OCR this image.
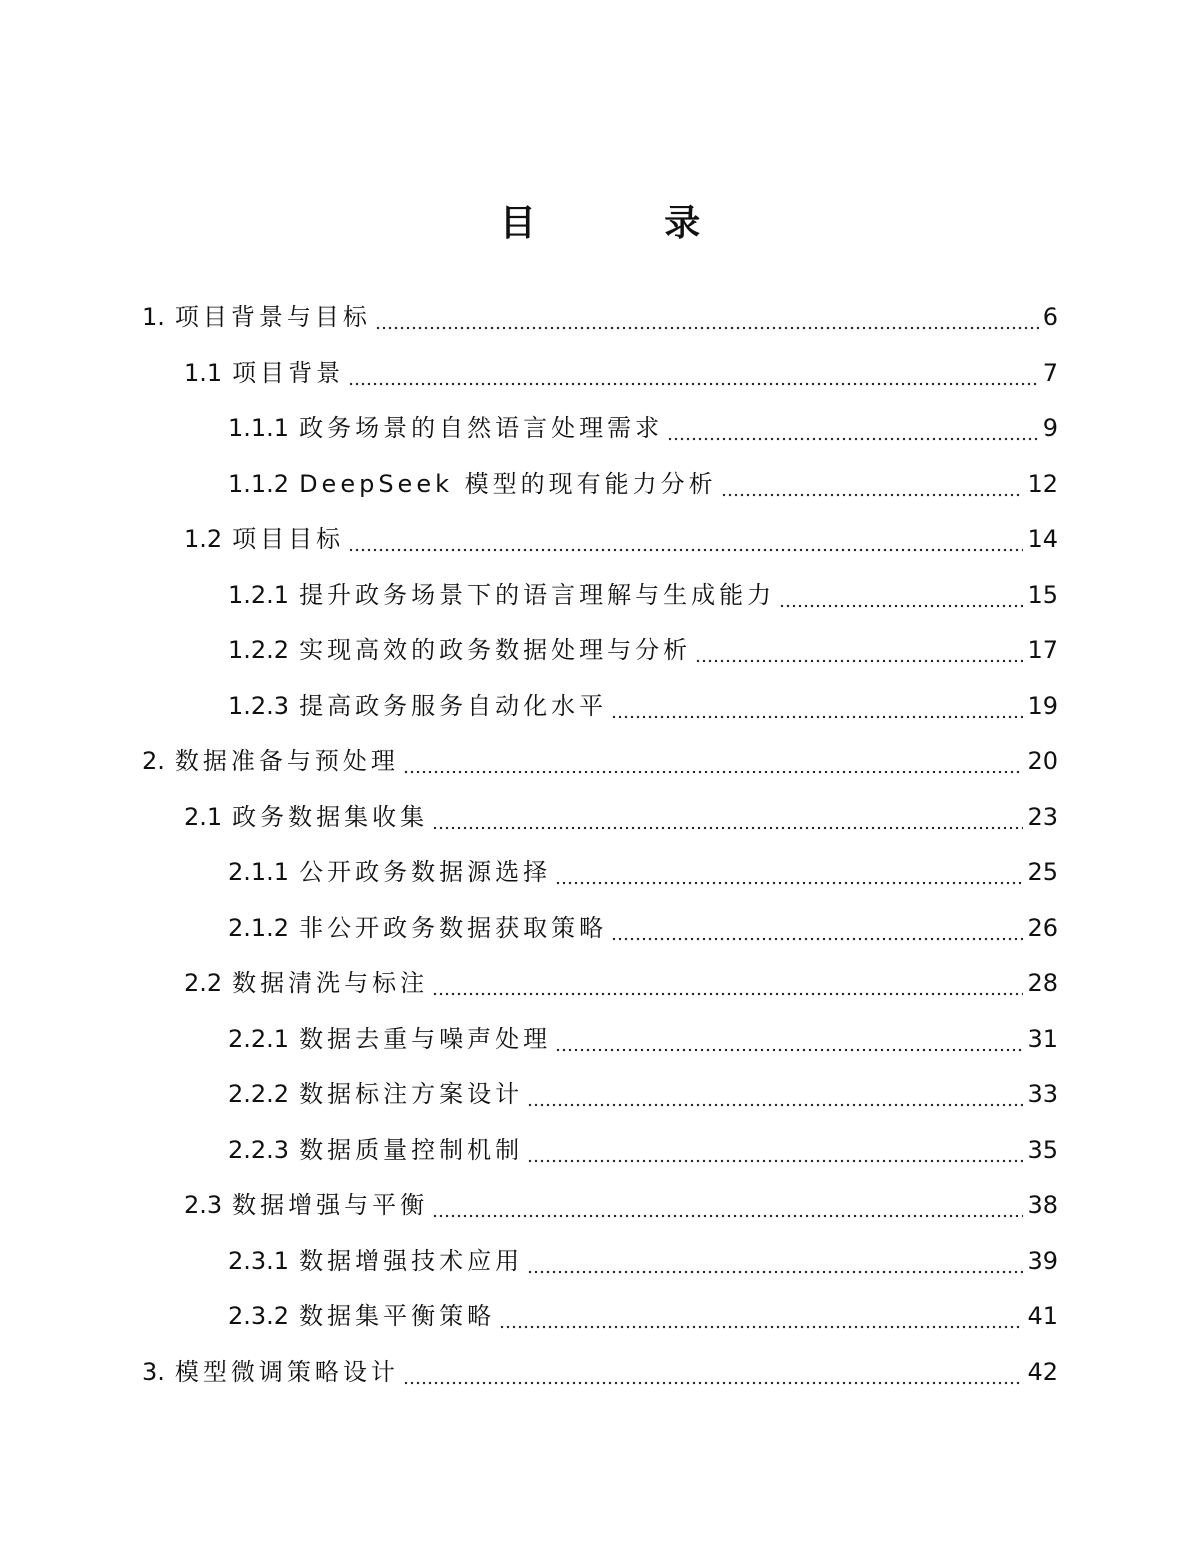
目 录
1. 项目背景与目标	6
1.1 项目背景	7
1.1.1 政务场景的自然语言处理需求	9
1.1.2 DeepSeek 模型的现有能力分析	12
1.2 项目目标	14
1.2.1 提升政务场景下的语言理解与生成能力	15
1.2.2 实现高效的政务数据处理与分析	17
1.2.3 提高政务服务自动化水平	19
2. 数据准备与预处理	20
2.1 政务数据集收集	23
2.1.1 公开政务数据源选择	25
2.1.2 非公开政务数据获取策略	26
2.2 数据清洗与标注	28
2.2.1 数据去重与噪声处理	31
2.2.2 数据标注方案设计	33
2.2.3 数据质量控制机制	35
2.3 数据增强与平衡	38
2.3.1 数据增强技术应用	39
2.3.2 数据集平衡策略	41
3. 模型微调策略设计	42
